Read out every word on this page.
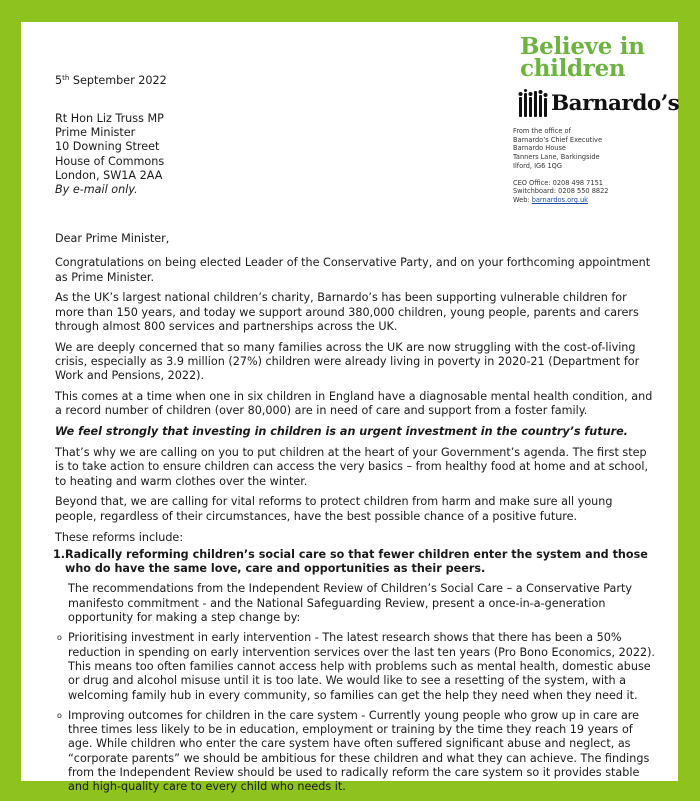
Believe in
children
Barnardo’s
5th September 2022
Rt Hon Liz Truss MP
Prime Minister
10 Downing Street
House of Commons
London, SW1A 2AA
By e-mail only.
From the office of
Barnardo’s Chief Executive
Barnardo House
Tanners Lane, Barkingside
Ilford, IG6 1QG
CEO Office: 0208 498 7151
Switchboard: 0208 550 8822
Web: barnardos.org.uk

Dear Prime Minister,

Congratulations on being elected Leader of the Conservative Party, and on your forthcoming appointment as Prime Minister.

As the UK’s largest national children’s charity, Barnardo’s has been supporting vulnerable children for more than 150 years, and today we support around 380,000 children, young people, parents and carers through almost 800 services and partnerships across the UK.

We are deeply concerned that so many families across the UK are now struggling with the cost-of-living crisis, especially as 3.9 million (27%) children were already living in poverty in 2020-21 (Department for Work and Pensions, 2022).

This comes at a time when one in six children in England have a diagnosable mental health condition, and a record number of children (over 80,000) are in need of care and support from a foster family.

We feel strongly that investing in children is an urgent investment in the country’s future.

That’s why we are calling on you to put children at the heart of your Government’s agenda. The first step is to take action to ensure children can access the very basics – from healthy food at home and at school, to heating and warm clothes over the winter.

Beyond that, we are calling for vital reforms to protect children from harm and make sure all young people, regardless of their circumstances, have the best possible chance of a positive future.

These reforms include:

1. Radically reforming children’s social care so that fewer children enter the system and those who do have the same love, care and opportunities as their peers.

The recommendations from the Independent Review of Children’s Social Care – a Conservative Party manifesto commitment - and the National Safeguarding Review, present a once-in-a-generation opportunity for making a step change by:

o Prioritising investment in early intervention - The latest research shows that there has been a 50% reduction in spending on early intervention services over the last ten years (Pro Bono Economics, 2022). This means too often families cannot access help with problems such as mental health, domestic abuse or drug and alcohol misuse until it is too late. We would like to see a resetting of the system, with a welcoming family hub in every community, so families can get the help they need when they need it.
o Improving outcomes for children in the care system - Currently young people who grow up in care are three times less likely to be in education, employment or training by the time they reach 19 years of age. While children who enter the care system have often suffered significant abuse and neglect, as “corporate parents” we should be ambitious for these children and what they can achieve. The findings from the Independent Review should be used to radically reform the care system so it provides stable and high-quality care to every child who needs it.
